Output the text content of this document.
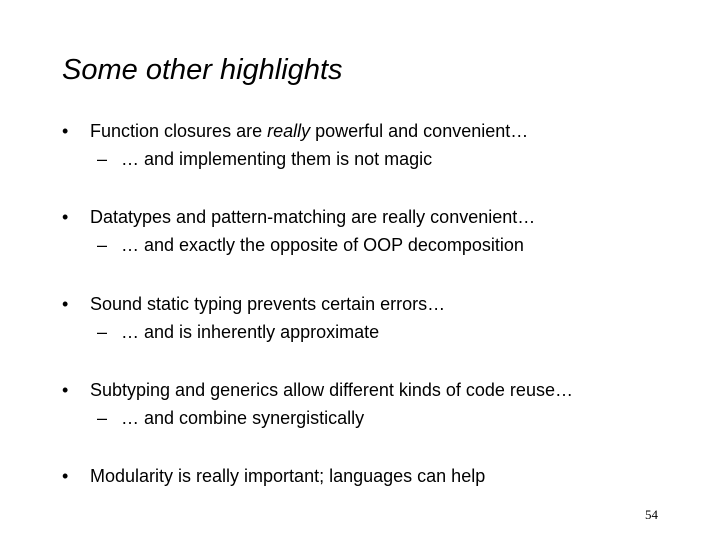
Some other highlights
• Function closures are really powerful and convenient…
– … and implementing them is not magic
• Datatypes and pattern-matching are really convenient…
– … and exactly the opposite of OOP decomposition
• Sound static typing prevents certain errors…
– … and is inherently approximate
• Subtyping and generics allow different kinds of code reuse…
– … and combine synergistically
• Modularity is really important; languages can help
54
